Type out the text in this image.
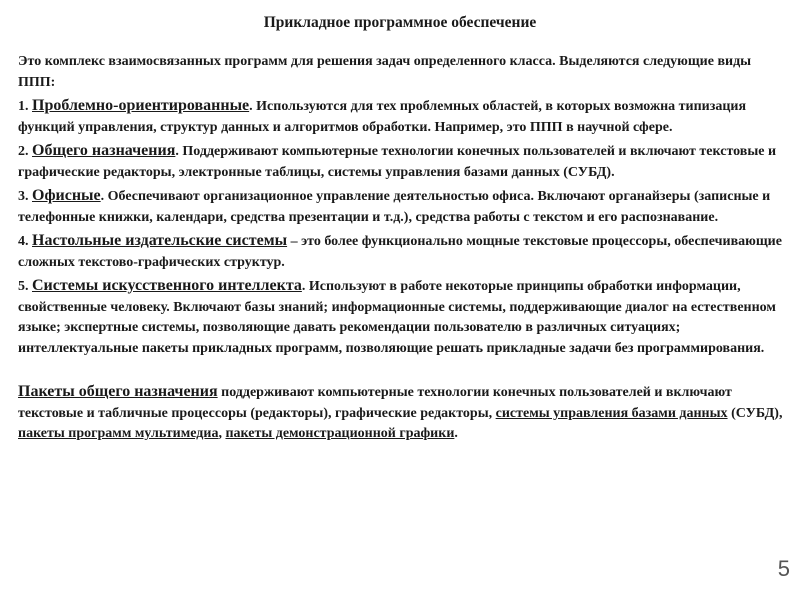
Прикладное программное обеспечение

Это комплекс взаимосвязанных программ для решения задач определенного класса. Выделяются следующие виды ППП:

1. Проблемно-ориентированные. Используются для тех проблемных областей, в которых возможна типизация функций управления, структур данных и алгоритмов обработки. Например, это ППП в научной сфере.

2. Общего назначения. Поддерживают компьютерные технологии конечных пользователей и включают текстовые и графические редакторы, электронные таблицы, системы управления базами данных (СУБД).

3. Офисные. Обеспечивают организационное управление деятельностью офиса. Включают органайзеры (записные и телефонные книжки, календари, средства презентации и т.д.), средства работы с текстом и его распознавание.

4. Настольные издательские системы – это более функционально мощные текстовые процессоры, обеспечивающие сложных текстово-графических структур.

5. Системы искусственного интеллекта. Используют в работе некоторые принципы обработки информации, свойственные человеку. Включают базы знаний; информационные системы, поддерживающие диалог на естественном языке; экспертные системы, позволяющие давать рекомендации пользователю в различных ситуациях; интеллектуальные пакеты прикладных программ, позволяющие решать прикладные задачи без программирования.

Пакеты общего назначения поддерживают компьютерные технологии конечных пользователей и включают текстовые и табличные процессоры (редакторы), графические редакторы, системы управления базами данных (СУБД), пакеты программ мультимедиа, пакеты демонстрационной графики.

5
